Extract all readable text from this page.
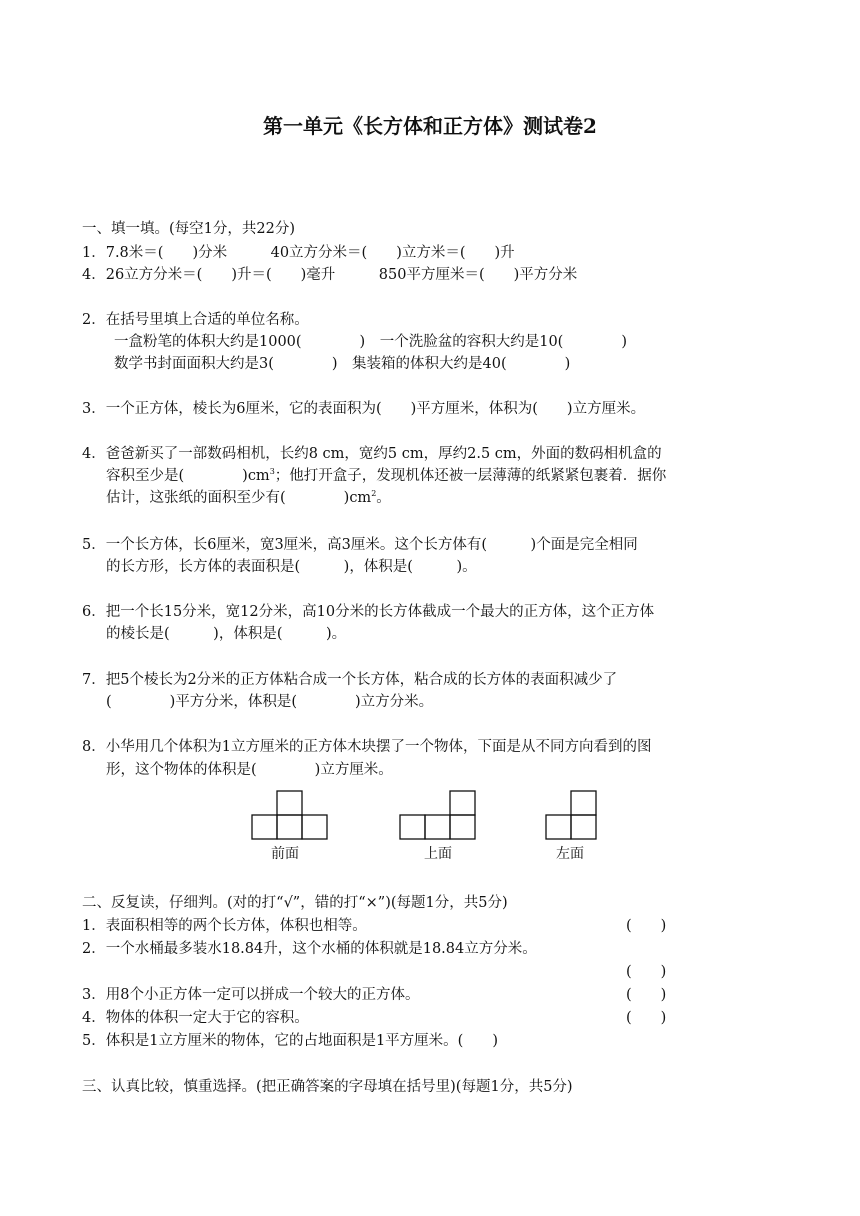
第一单元《长方体和正方体》测试卷2
一、填一填。(每空1分，共22分)
1．7.8米＝(　　)分米　　　40立方分米＝(　　)立方米＝(　　)升
4．26立方分米＝(　　)升＝(　　)毫升　　　850平方厘米＝(　　)平方分米
2．在括号里填上合适的单位名称。
一盒粉笔的体积大约是1000(　　　　)　一个洗脸盆的容积大约是10(　　　　)
数学书封面面积大约是3(　　　　)　集装箱的体积大约是40(　　　　)
3．一个正方体，棱长为6厘米，它的表面积为(　　)平方厘米，体积为(　　)立方厘米。
4．爸爸新买了一部数码相机，长约8 cm，宽约5 cm，厚约2.5 cm，外面的数码相机盒的
容积至少是(　　　　)$cm^3$；他打开盒子，发现机体还被一层薄薄的纸紧紧包裹着．据你
估计，这张纸的面积至少有(　　　　)$cm^2$。
5．一个长方体，长6厘米，宽3厘米，高3厘米。这个长方体有(　　　)个面是完全相同
的长方形，长方体的表面积是(　　　)，体积是(　　　)。
6．把一个长15分米，宽12分米，高10分米的长方体截成一个最大的正方体，这个正方体
的棱长是(　　　)，体积是(　　　)。
7．把5个棱长为2分米的正方体粘合成一个长方体，粘合成的长方体的表面积减少了
(　　　　)平方分米，体积是(　　　　)立方分米。
8．小华用几个体积为1立方厘米的正方体木块摆了一个物体，下面是从不同方向看到的图
形，这个物体的体积是(　　　　)立方厘米。
前面	上面	左面
二、反复读，仔细判。(对的打“√”，错的打“×”)(每题1分，共5分)
1．表面积相等的两个长方体，体积也相等。	(　　)
2．一个水桶最多装水18.84升，这个水桶的体积就是18.84立方分米。
(　　)
3．用8个小正方体一定可以拼成一个较大的正方体。	(　　)
4．物体的体积一定大于它的容积。	(　　)
5．体积是1立方厘米的物体，它的占地面积是1平方厘米。(　　)
三、认真比较，慎重选择。(把正确答案的字母填在括号里)(每题1分，共5分)
